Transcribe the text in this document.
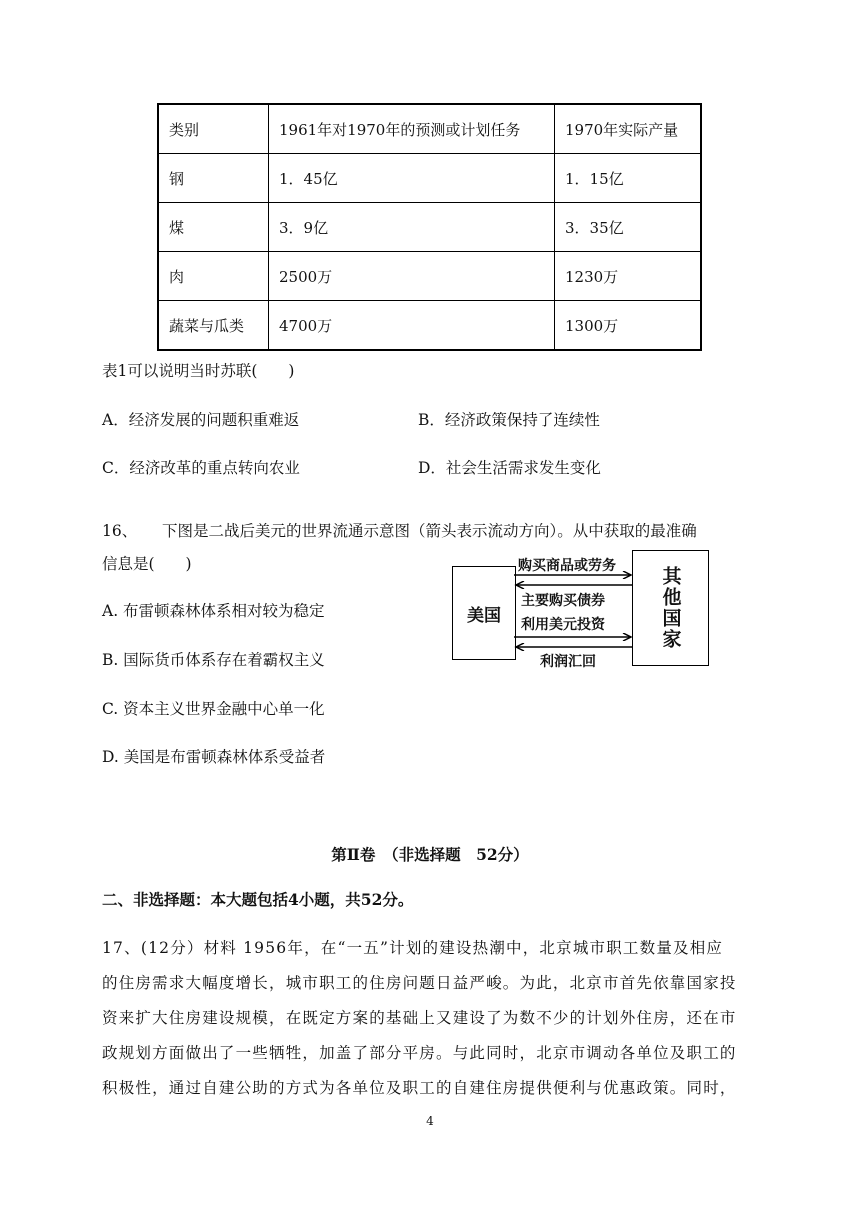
类别	1961年对1970年的预测或计划任务	1970年实际产量
钢	1．45亿	1．15亿
煤	3．9亿	3．35亿
肉	2500万	1230万
蔬菜与瓜类	4700万	1300万
表1可以说明当时苏联(　　)
A．经济发展的问题积重难返	B．经济政策保持了连续性
C．经济改革的重点转向农业	D．社会生活需求发生变化
16、 下图是二战后美元的世界流通示意图（箭头表示流动方向）。从中获取的最准确
信息是(　　)
A. 布雷顿森林体系相对较为稳定
B. 国际货币体系存在着霸权主义
C. 资本主义世界金融中心单一化
D. 美国是布雷顿森林体系受益者
美国	其他国家
购买商品或劳务
主要购买债券
利用美元投资
利润汇回
第Ⅱ卷　（非选择题　52分）
二、非选择题：本大题包括4小题，共52分。
17、(12分）材料 1956年，在“一五”计划的建设热潮中，北京城市职工数量及相应
的住房需求大幅度增长，城市职工的住房问题日益严峻。为此，北京市首先依靠国家投
资来扩大住房建设规模，在既定方案的基础上又建设了为数不少的计划外住房，还在市
政规划方面做出了一些牺牲，加盖了部分平房。与此同时，北京市调动各单位及职工的
积极性，通过自建公助的方式为各单位及职工的自建住房提供便利与优惠政策。同时，
4
